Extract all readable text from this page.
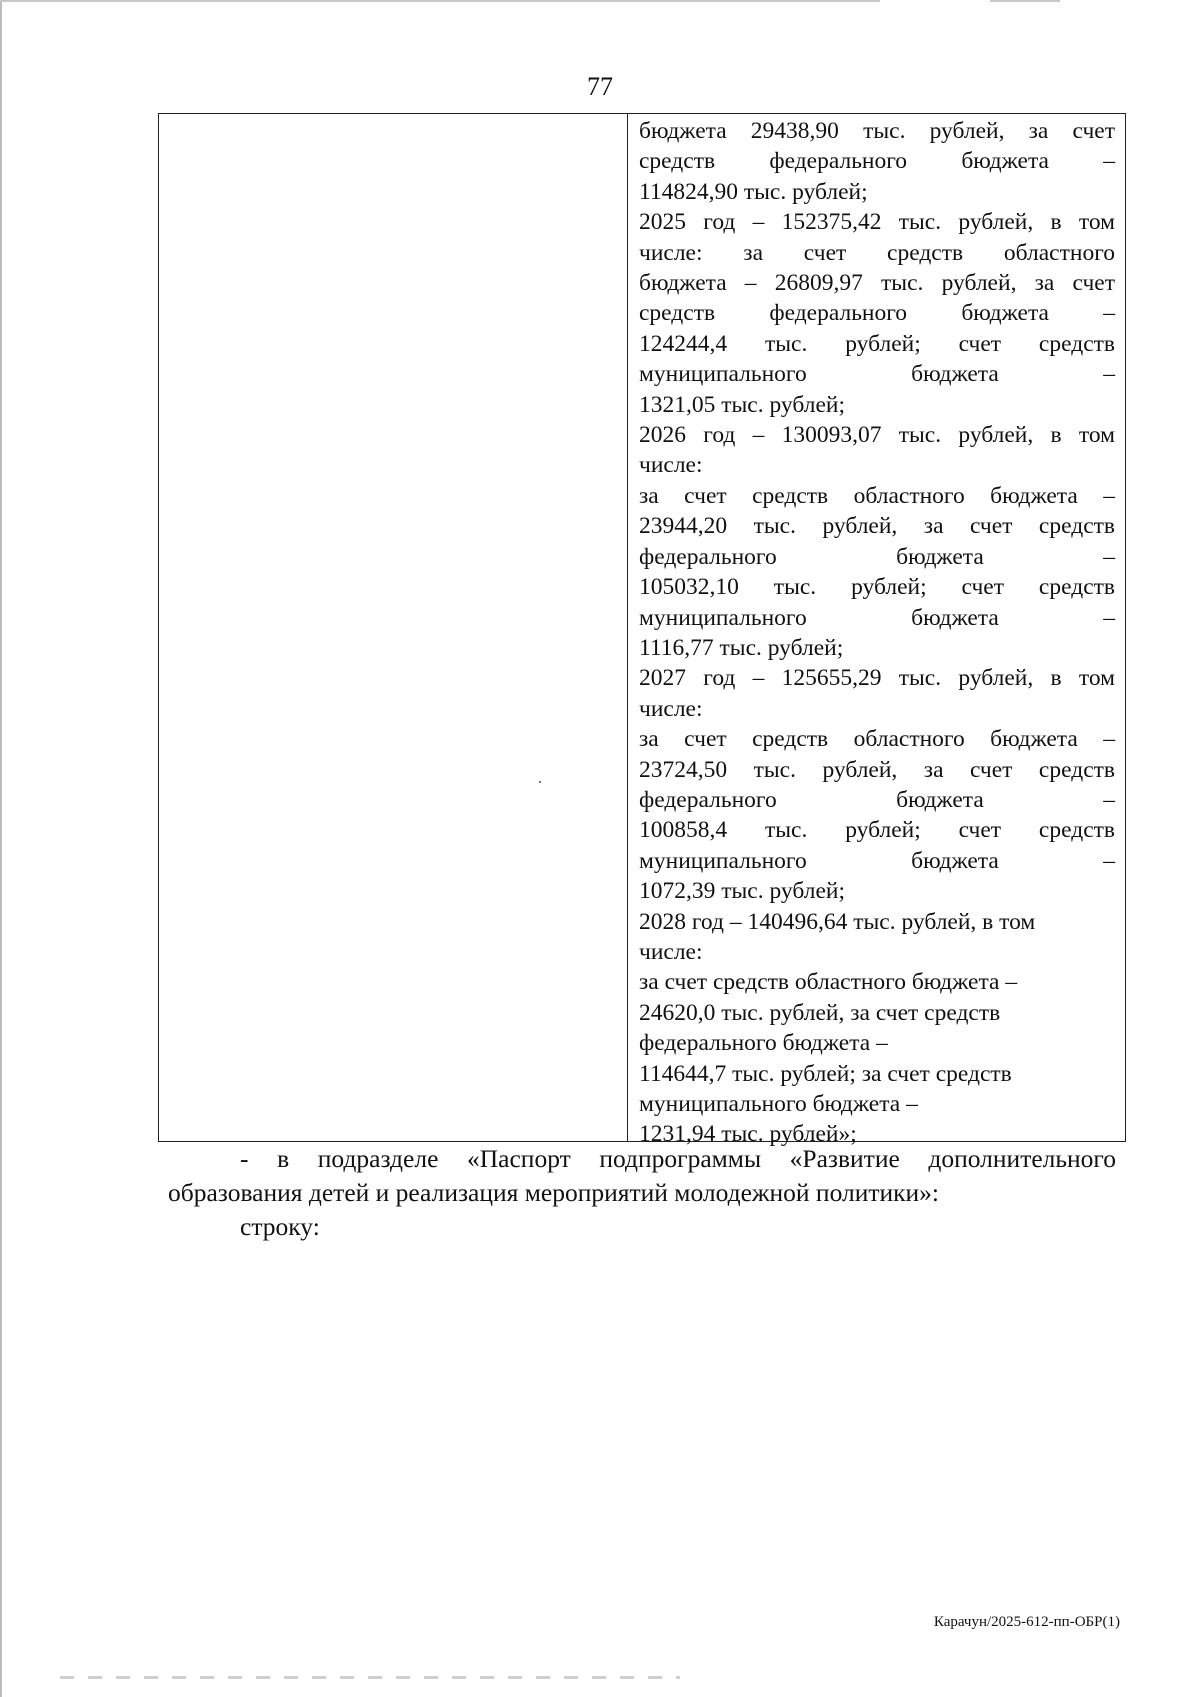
77
бюджета 29438,90 тыс. рублей, за счет
средств федерального бюджета –
114824,90 тыс. рублей;
2025 год – 152375,42 тыс. рублей, в том
числе: за счет средств областного
бюджета – 26809,97 тыс. рублей, за счет
средств федерального бюджета –
124244,4 тыс. рублей; счет средств
муниципального бюджета –
1321,05 тыс. рублей;
2026 год – 130093,07 тыс. рублей, в том
числе:
за счет средств областного бюджета –
23944,20 тыс. рублей, за счет средств
федерального бюджета –
105032,10 тыс. рублей; счет средств
муниципального бюджета –
1116,77 тыс. рублей;
2027 год – 125655,29 тыс. рублей, в том
числе:
за счет средств областного бюджета –
23724,50 тыс. рублей, за счет средств
федерального бюджета –
100858,4 тыс. рублей; счет средств
муниципального бюджета –
1072,39 тыс. рублей;
2028 год – 140496,64 тыс. рублей, в том
числе:
за счет средств областного бюджета –
24620,0 тыс. рублей, за счет средств
федерального бюджета –
114644,7 тыс. рублей; за счет средств
муниципального бюджета –
1231,94 тыс. рублей»;
- в подразделе «Паспорт подпрограммы «Развитие дополнительного
образования детей и реализация мероприятий молодежной политики»:
строку:
Карачун/2025-612-пп-ОБР(1)
